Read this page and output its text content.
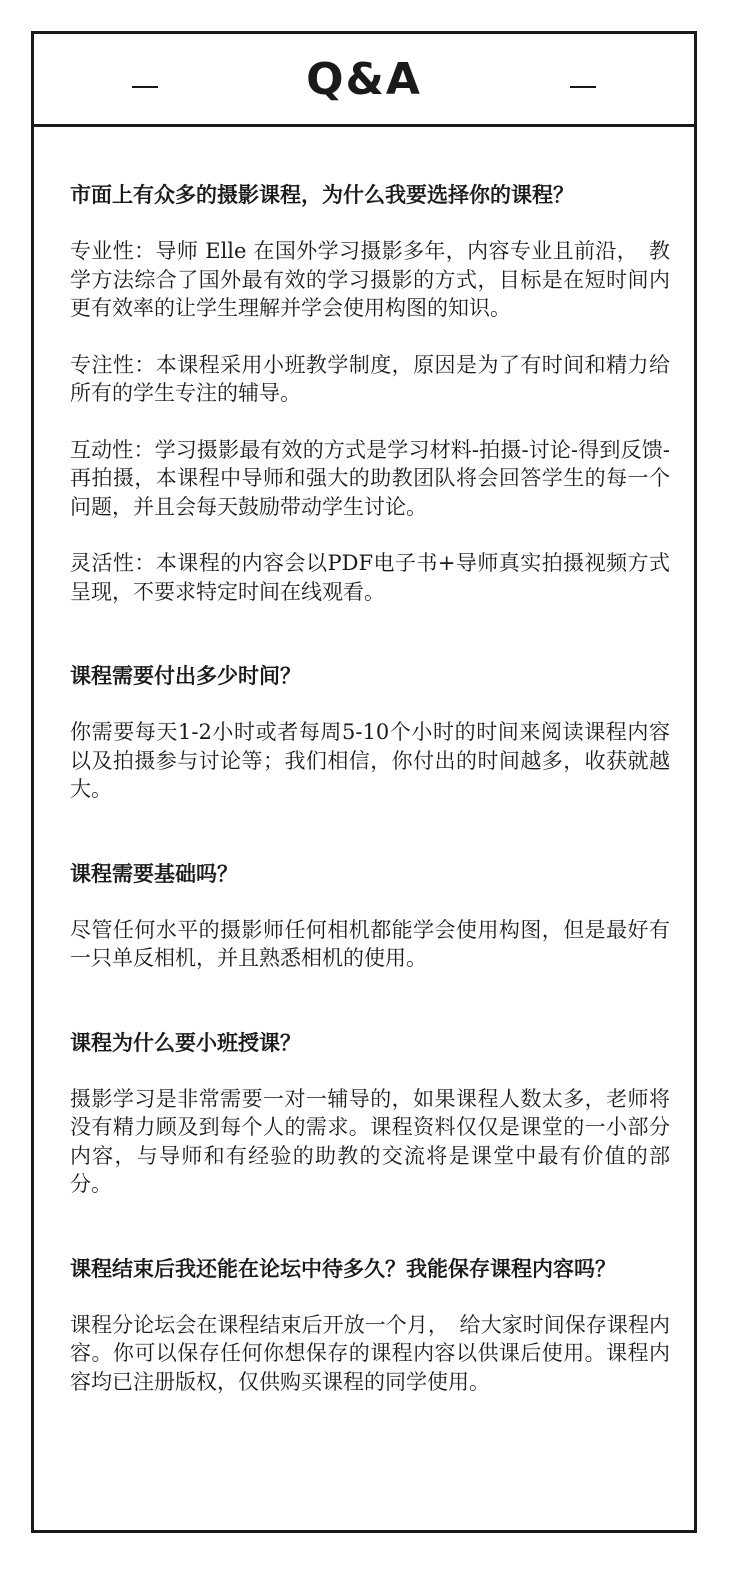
Q&A

市面上有众多的摄影课程，为什么我要选择你的课程？

专业性：导师 Elle 在国外学习摄影多年，内容专业且前沿，　教学方法综合了国外最有效的学习摄影的方式，目标是在短时间内更有效率的让学生理解并学会使用构图的知识。

专注性：本课程采用小班教学制度，原因是为了有时间和精力给所有的学生专注的辅导。

互动性：学习摄影最有效的方式是学习材料-拍摄-讨论-得到反馈-再拍摄，本课程中导师和强大的助教团队将会回答学生的每一个问题，并且会每天鼓励带动学生讨论。

灵活性：本课程的内容会以PDF电子书+导师真实拍摄视频方式呈现，不要求特定时间在线观看。

课程需要付出多少时间？

你需要每天1-2小时或者每周5-10个小时的时间来阅读课程内容以及拍摄参与讨论等；我们相信，你付出的时间越多，收获就越大。

课程需要基础吗？

尽管任何水平的摄影师任何相机都能学会使用构图，但是最好有一只单反相机，并且熟悉相机的使用。

课程为什么要小班授课？

摄影学习是非常需要一对一辅导的，如果课程人数太多，老师将没有精力顾及到每个人的需求。课程资料仅仅是课堂的一小部分内容，与导师和有经验的助教的交流将是课堂中最有价值的部分。

课程结束后我还能在论坛中待多久？我能保存课程内容吗？

课程分论坛会在课程结束后开放一个月，　给大家时间保存课程内容。你可以保存任何你想保存的课程内容以供课后使用。课程内容均已注册版权，仅供购买课程的同学使用。
